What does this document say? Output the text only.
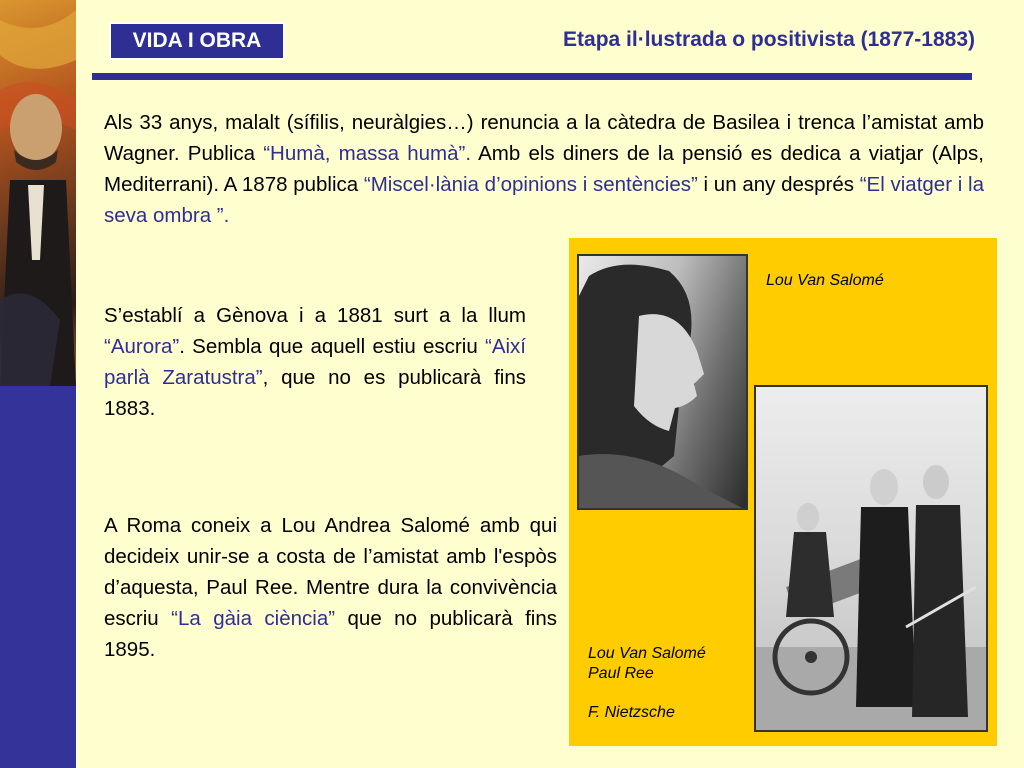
VIDA I OBRA	Etapa il·lustrada o positivista (1877-1883)
Als 33 anys, malalt (sífilis, neuràlgies…) renuncia a la càtedra de Basilea i trenca l’amistat amb Wagner. Publica “Humà, massa humà”. Amb els diners de la pensió es dedica a viatjar (Alps, Mediterrani). A 1878 publica “Miscel·lània d’opinions i sentències” i un any després “El viatger i la seva ombra ”.
S’establí a Gènova i a 1881 surt a la llum “Aurora”. Sembla que aquell estiu escriu “Així parlà Zaratustra”, que no es publicarà fins 1883.
A Roma coneix a Lou Andrea Salomé amb qui decideix unir-se a costa de l’amistat amb l'espòs d’aquesta, Paul Ree. Mentre dura la convivència escriu “La gàia ciència” que no publicarà fins 1895.
Lou Van Salomé
Lou Van Salomé
Paul Ree
F. Nietzsche
